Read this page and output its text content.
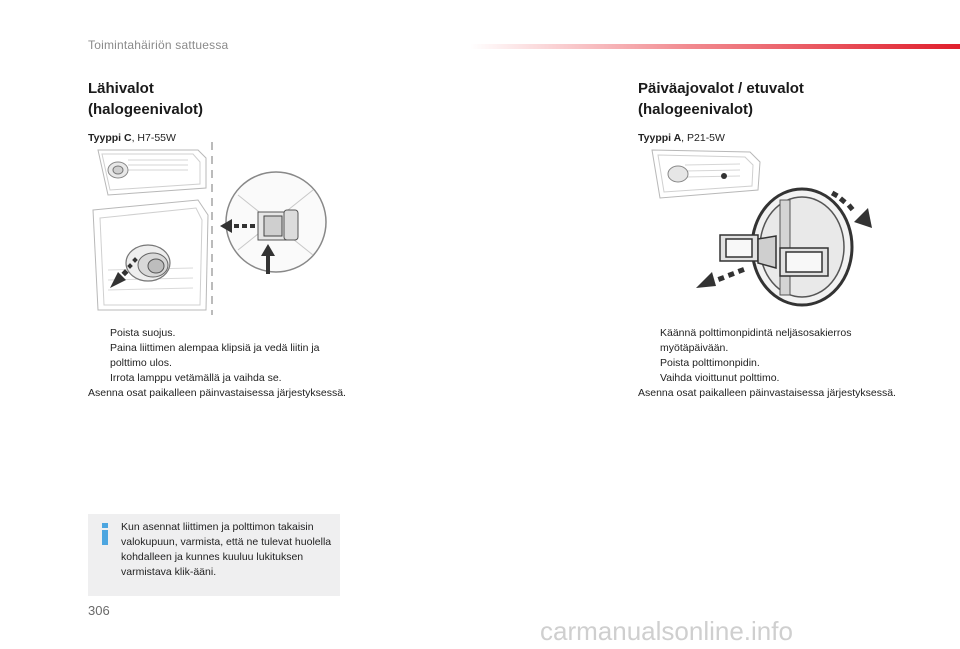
Toimintahäiriön sattuessa
Lähivalot
(halogeenivalot)
Tyyppi C, H7-55W
Poista suojus.
Paina liittimen alempaa klipsiä ja vedä liitin ja polttimo ulos.
Irrota lamppu vetämällä ja vaihda se.
Asenna osat paikalleen päinvastaisessa järjestyksessä.
Päiväajovalot / etuvalot
(halogeenivalot)
Tyyppi A, P21-5W
Käännä polttimonpidintä neljäsosakierros myötäpäivään.
Poista polttimonpidin.
Vaihda vioittunut polttimo.
Asenna osat paikalleen päinvastaisessa järjestyksessä.
Kun asennat liittimen ja polttimon takaisin valokupuun, varmista, että ne tulevat huolella kohdalleen ja kunnes kuuluu lukituksen varmistava klik-ääni.
306
carmanualsonline.info
